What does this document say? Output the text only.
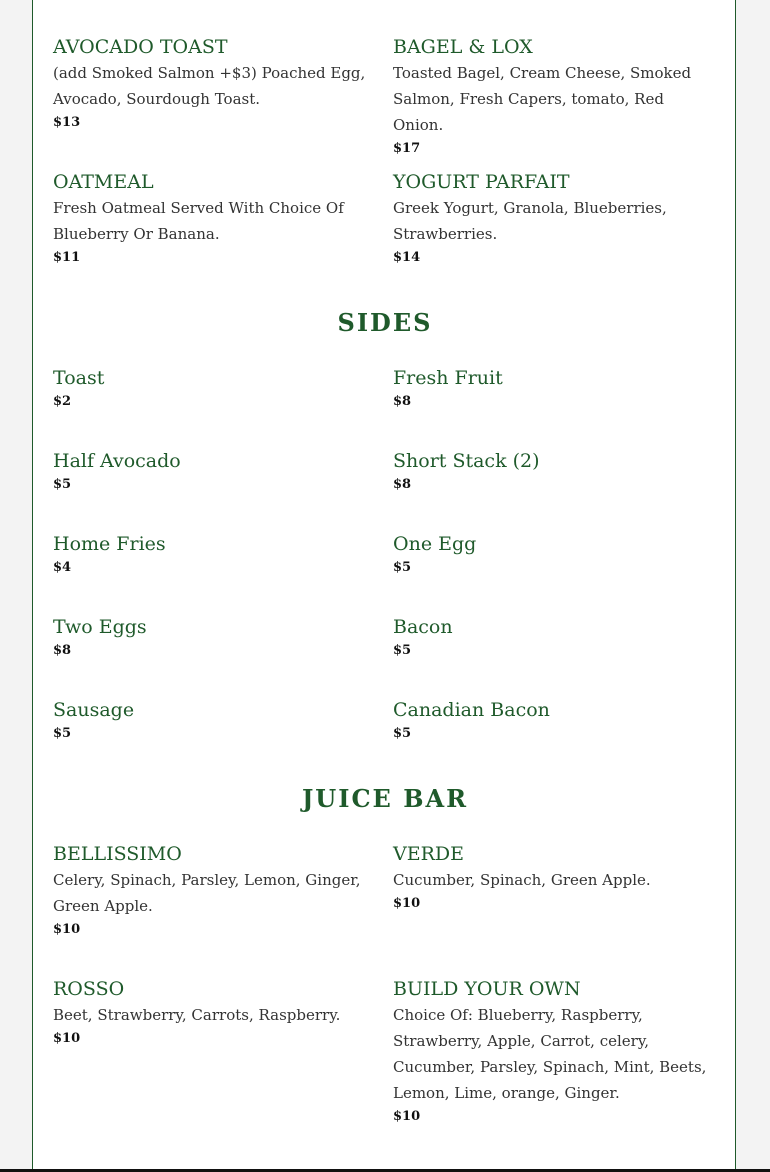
AVOCADO TOAST
(add Smoked Salmon +$3) Poached Egg, Avocado, Sourdough Toast.
$13
BAGEL & LOX
Toasted Bagel, Cream Cheese, Smoked Salmon, Fresh Capers, tomato, Red Onion.
$17
OATMEAL
Fresh Oatmeal Served With Choice Of Blueberry Or Banana.
$11
YOGURT PARFAIT
Greek Yogurt, Granola, Blueberries, Strawberries.
$14
SIDES
Toast
$2
Fresh Fruit
$8
Half Avocado
$5
Short Stack (2)
$8
Home Fries
$4
One Egg
$5
Two Eggs
$8
Bacon
$5
Sausage
$5
Canadian Bacon
$5
JUICE BAR
BELLISSIMO
Celery, Spinach, Parsley, Lemon, Ginger, Green Apple.
$10
VERDE
Cucumber, Spinach, Green Apple.
$10
ROSSO
Beet, Strawberry, Carrots, Raspberry.
$10
BUILD YOUR OWN
Choice Of: Blueberry, Raspberry, Strawberry, Apple, Carrot, celery, Cucumber, Parsley, Spinach, Mint, Beets, Lemon, Lime, orange, Ginger.
$10
